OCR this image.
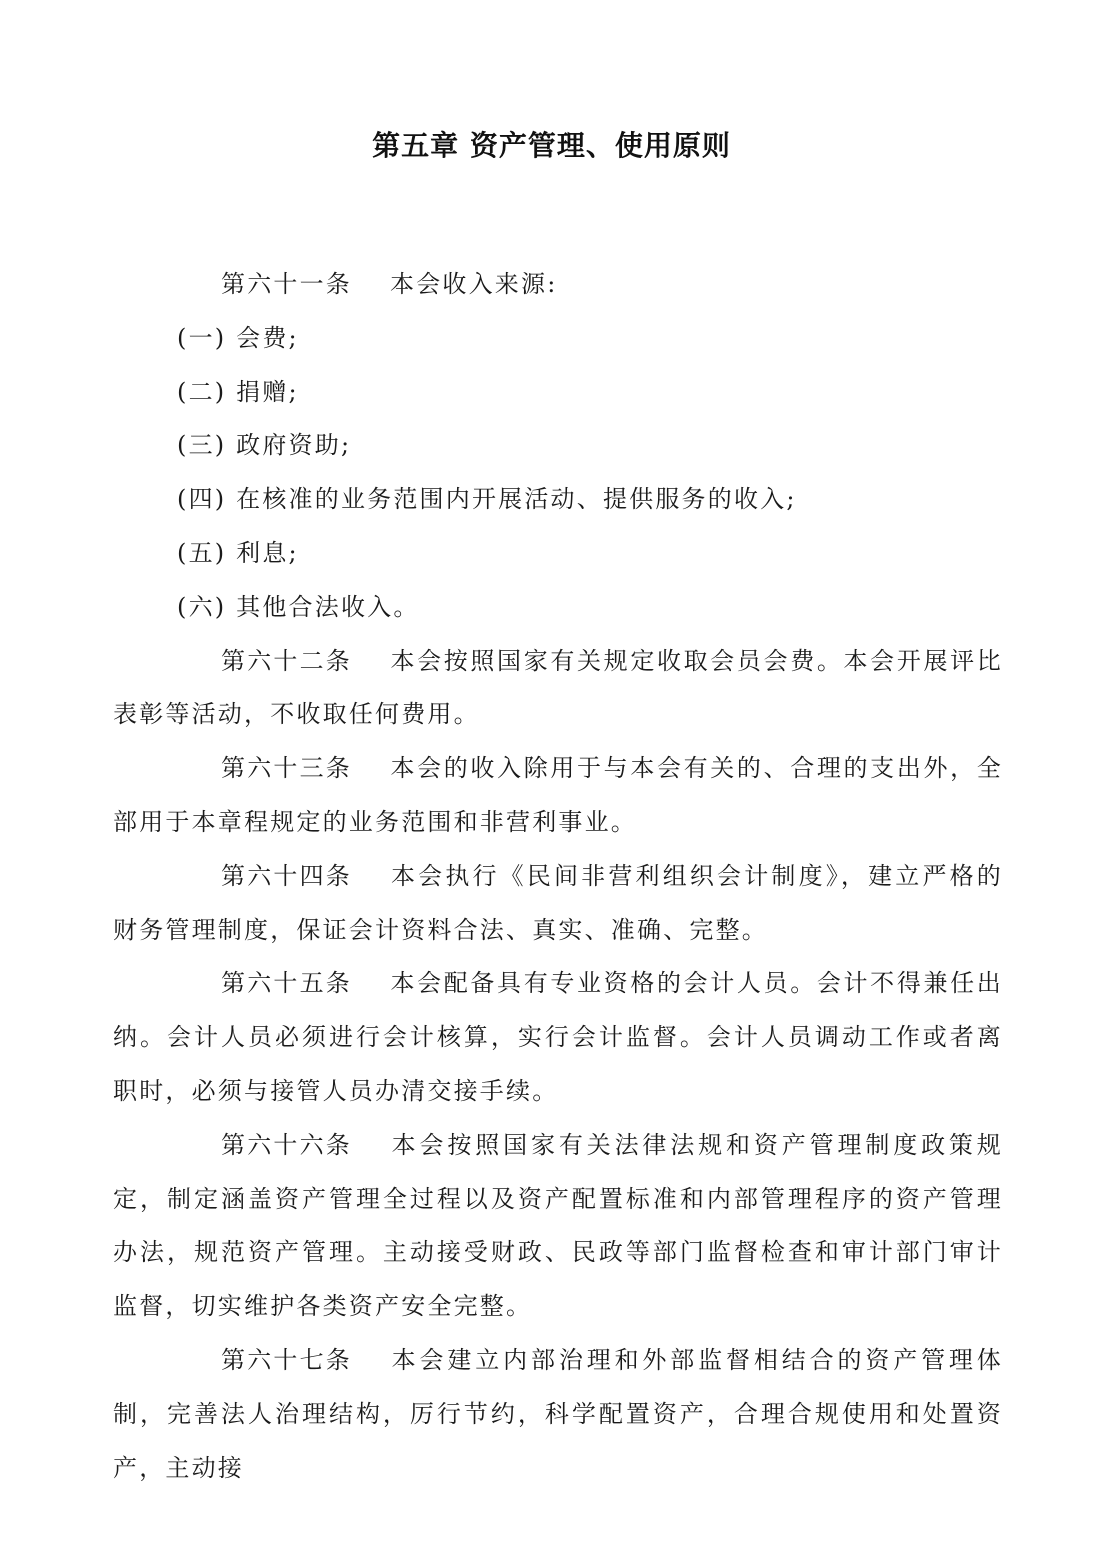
第五章 资产管理、使用原则

第六十一条 本会收入来源:

(一) 会费;

(二) 捐赠;

(三) 政府资助;

(四) 在核准的业务范围内开展活动、提供服务的收入;

(五) 利息;

(六) 其他合法收入。

第六十二条 本会按照国家有关规定收取会员会费。本会开展评比表彰等活动，不收取任何费用。

第六十三条 本会的收入除用于与本会有关的、合理的支出外，全部用于本章程规定的业务范围和非营利事业。

第六十四条 本会执行《民间非营利组织会计制度》，建立严格的财务管理制度，保证会计资料合法、真实、准确、完整。

第六十五条 本会配备具有专业资格的会计人员。会计不得兼任出纳。会计人员必须进行会计核算，实行会计监督。会计人员调动工作或者离职时，必须与接管人员办清交接手续。

第六十六条 本会按照国家有关法律法规和资产管理制度政策规定，制定涵盖资产管理全过程以及资产配置标准和内部管理程序的资产管理办法，规范资产管理。主动接受财政、民政等部门监督检查和审计部门审计监督，切实维护各类资产安全完整。

第六十七条 本会建立内部治理和外部监督相结合的资产管理体制，完善法人治理结构，厉行节约，科学配置资产，合理合规使用和处置资产，主动接
